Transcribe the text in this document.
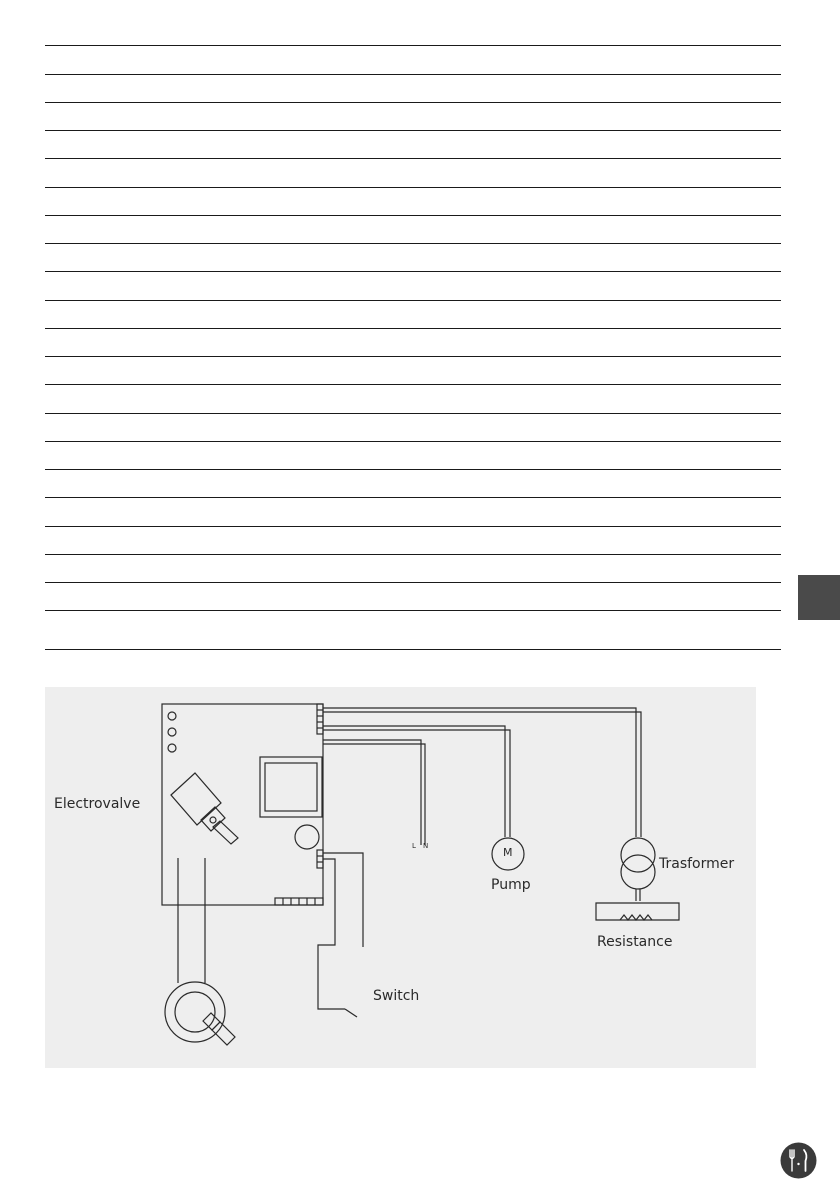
Electrovalve
Pump
M
L N
Trasformer
Resistance
Switch
